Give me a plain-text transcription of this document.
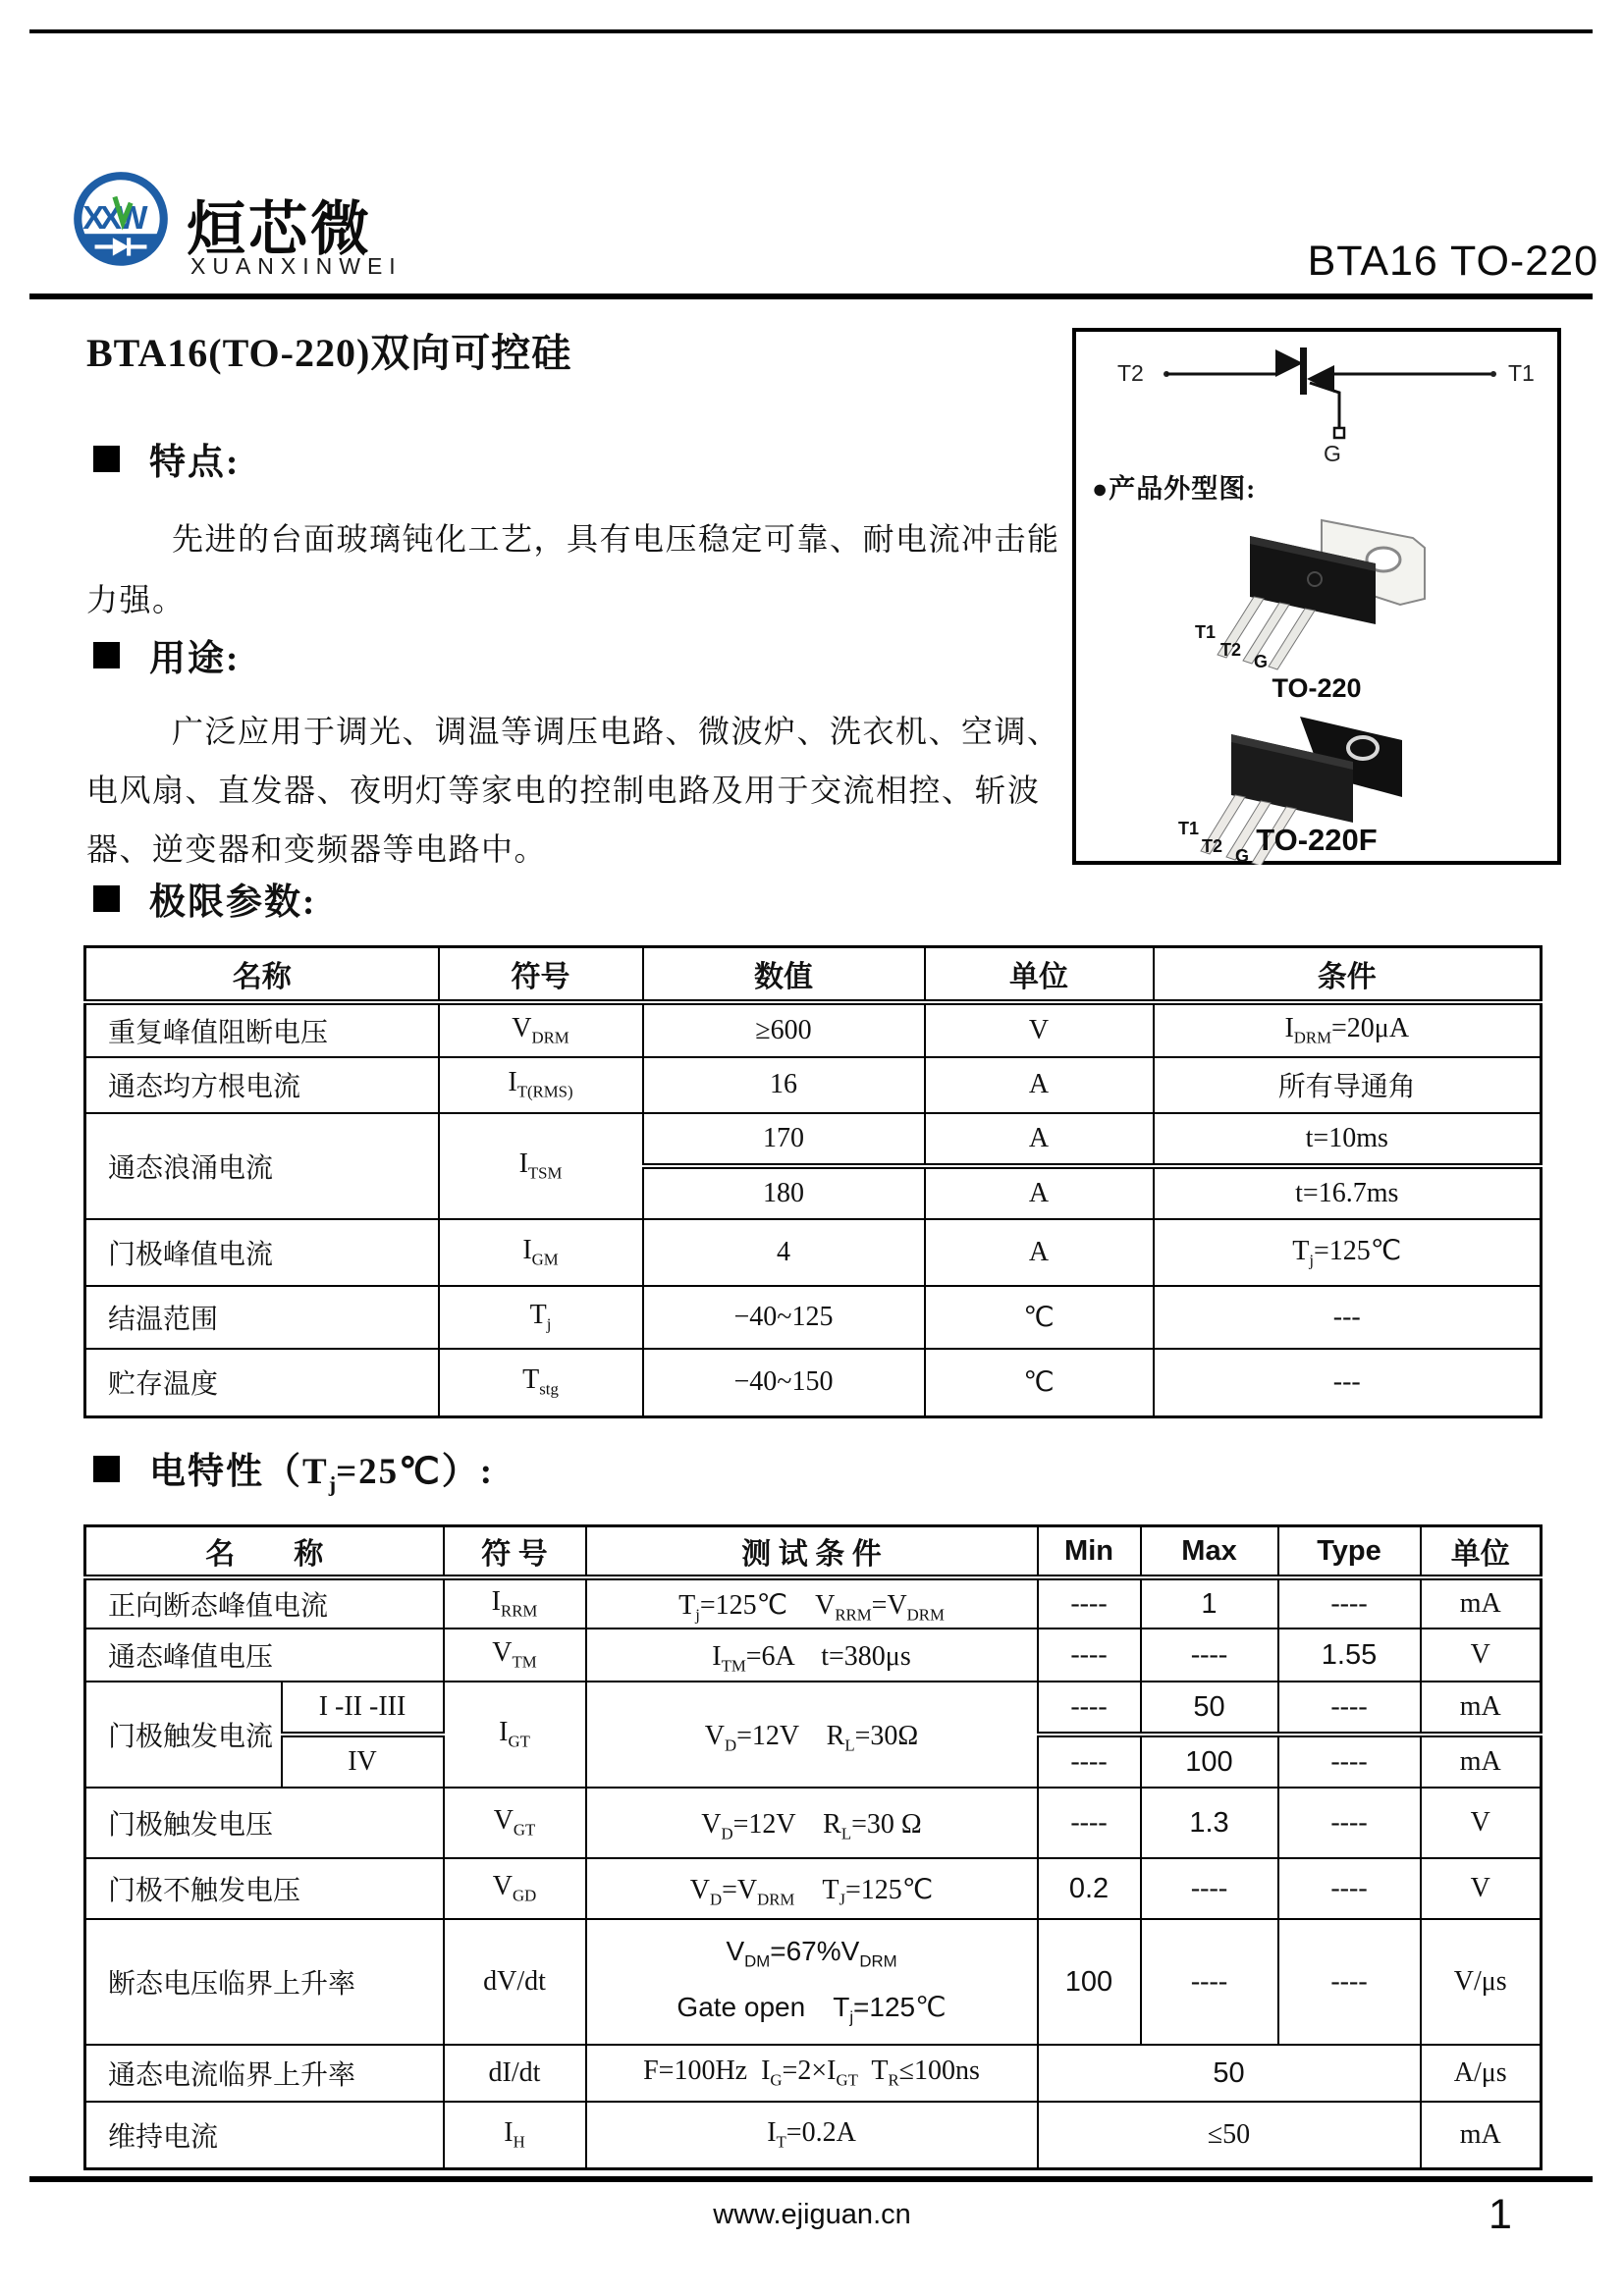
XXW 烜芯微
XUANXINWEI	BTA16 TO-220
BTA16(TO-220)双向可控硅
特点:
先进的台面玻璃钝化工艺，具有电压稳定可靠、耐电流冲击能
力强。
用途:
广泛应用于调光、调温等调压电路、微波炉、洗衣机、空调、
电风扇、直发器、夜明灯等家电的控制电路及用于交流相控、斩波
器、逆变器和变频器等电路中。
T2	T1
G
●产品外型图:
T1
T2
G
TO-220
T1
T2 G TO-220F
极限参数:
名称	符号	数值	单位	条件
重复峰值阻断电压	$V_{DRM}$	≥600	V	$I_{DRM}=20\mu A$
通态均方根电流	$I_{T(RMS)}$	16	A	所有导通角
通态浪涌电流	$I_{TSM}$	170	A	t=10ms
		180	A	t=16.7ms
门极峰值电流	$I_{GM}$	4	A	$T_j=125℃$
结温范围	$T_j$	−40~125	℃	---
贮存温度	$T_{stg}$	−40~150	℃	---
电特性$(T_j=25℃)$:
名　　称		符 号	测 试 条 件	Min	Max	Type	单位
正向断态峰值电流		$I_{RRM}$	$T_j=125℃$　$V_{RRM}=V_{DRM}$	----	1	----	mA
通态峰值电压		$V_{TM}$	$I_{TM}=6A$　t=380μs	----	----	1.55	V
门极触发电流	I -II -III	$I_{GT}$	$V_D=12V$　$R_L=30\Omega$	----	50	----	mA
	IV			----	100	----	mA
门极触发电压		$V_{GT}$	$V_D=12V$　$R_L=30$ Ω	----	1.3	----	V
门极不触发电压		$V_{GD}$	$V_D=V_{DRM}$　$T_J=125℃$	0.2	----	----	V
断态电压临界上升率		dV/dt	$V_{DM}=67\%V_{DRM}$
Gate open　$T_j=125℃$	100	----	----	V/μs
通态电流临界上升率		dI/dt	F=100Hz  $I_G=2\times I_{GT}$  $T_R\le 100ns$	50			A/μs
维持电流		$I_H$	$I_T=0.2A$	≤50			mA
www.ejiguan.cn	1
